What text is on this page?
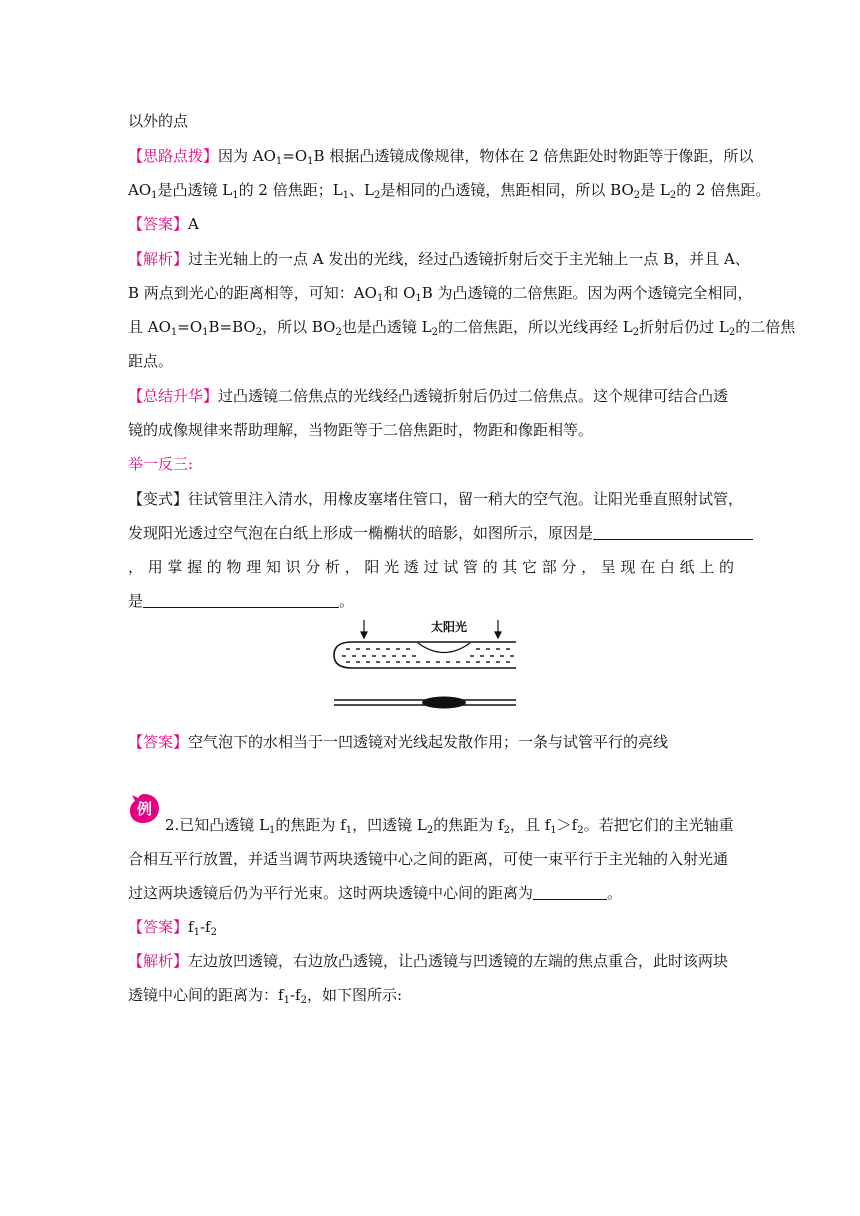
以外的点
【思路点拨】因为 $AO_1=O_1B$ 根据凸透镜成像规律，物体在 2 倍焦距处时物距等于像距，所以
$AO_1$是凸透镜 $L_1$的 2 倍焦距；$L_1$、$L_2$是相同的凸透镜，焦距相同，所以 $BO_2$是 $L_2$的 2 倍焦距。
【答案】A
【解析】过主光轴上的一点 A 发出的光线，经过凸透镜折射后交于主光轴上一点 B，并且 A、
B 两点到光心的距离相等，可知：$AO_1$和 $O_1B$ 为凸透镜的二倍焦距。因为两个透镜完全相同，
且 $AO_1=O_1B=BO_2$，所以 $BO_2$也是凸透镜 $L_2$的二倍焦距，所以光线再经 $L_2$折射后仍过 $L_2$的二倍焦
距点。
【总结升华】过凸透镜二倍焦点的光线经凸透镜折射后仍过二倍焦点。这个规律可结合凸透
镜的成像规律来帮助理解，当物距等于二倍焦距时，物距和像距相等。
举一反三:
【变式】往试管里注入清水，用橡皮塞堵住管口，留一稍大的空气泡。让阳光垂直照射试管，
发现阳光透过空气泡在白纸上形成一椭椭状的暗影，如图所示，原因是
，用掌握的物理知识分析，阳光透过试管的其它部分，呈现在白纸上的
是	。
太阳光
【答案】空气泡下的水相当于一凹透镜对光线起发散作用；一条与试管平行的亮线
例
2.已知凸透镜 $L_1$的焦距为 $f_1$，凹透镜 $L_2$的焦距为 $f_2$，且 $f_1>f_2$。若把它们的主光轴重
合相互平行放置，并适当调节两块透镜中心之间的距离，可使一束平行于主光轴的入射光通
过这两块透镜后仍为平行光束。这时两块透镜中心间的距离为	。
【答案】$f_1-f_2$
【解析】左边放凹透镜，右边放凸透镜，让凸透镜与凹透镜的左端的焦点重合，此时该两块
透镜中心间的距离为：$f_1-f_2$，如下图所示:
